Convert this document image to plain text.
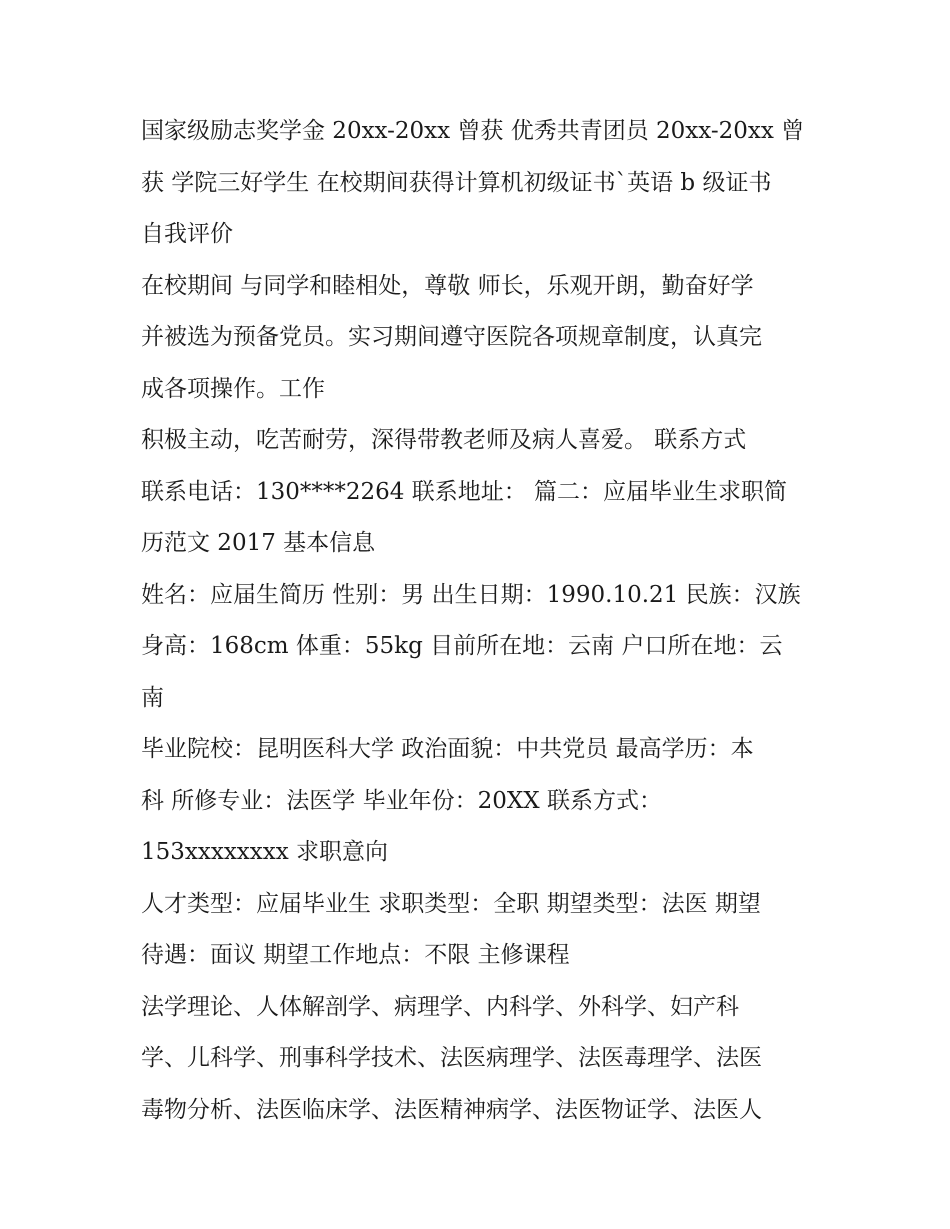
国家级励志奖学金 20xx-20xx 曾获 优秀共青团员 20xx-20xx 曾
获 学院三好学生 在校期间获得计算机初级证书`英语 b 级证书
自我评价
在校期间 与同学和睦相处，尊敬 师长，乐观开朗，勤奋好学
并被选为预备党员。实习期间遵守医院各项规章制度，认真完
成各项操作。工作
积极主动，吃苦耐劳，深得带教老师及病人喜爱。 联系方式
联系电话：130****2264 联系地址： 篇二：应届毕业生求职简
历范文 2017 基本信息
姓名：应届生简历 性别：男 出生日期：1990.10.21 民族：汉族
身高：168cm 体重：55kg 目前所在地：云南 户口所在地：云
南
毕业院校：昆明医科大学 政治面貌：中共党员 最高学历：本
科 所修专业：法医学 毕业年份：20XX 联系方式：
153xxxxxxxx 求职意向
人才类型：应届毕业生 求职类型：全职 期望类型：法医 期望
待遇：面议 期望工作地点：不限 主修课程
法学理论、人体解剖学、病理学、内科学、外科学、妇产科
学、儿科学、刑事科学技术、法医病理学、法医毒理学、法医
毒物分析、法医临床学、法医精神病学、法医物证学、法医人
